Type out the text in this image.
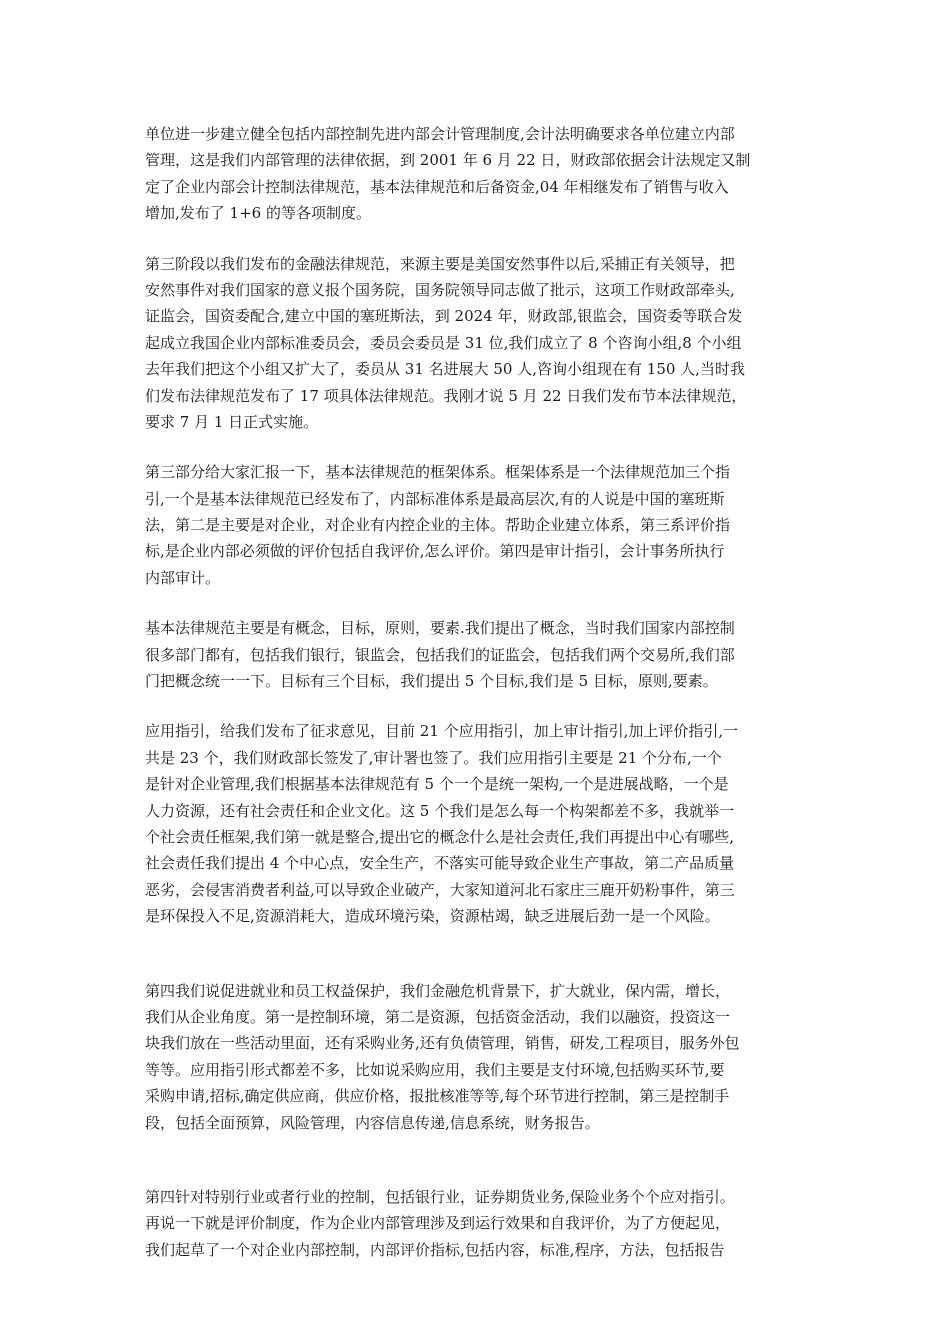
单位进一步建立健全包括内部控制先进内部会计管理制度,会计法明确要求各单位建立内部
管理，这是我们内部管理的法律依据，到 2001 年 6 月 22 日，财政部依据会计法规定又制
定了企业内部会计控制法律规范，基本法律规范和后备资金,04 年相继发布了销售与收入
增加,发布了 1+6 的等各项制度。
第三阶段以我们发布的金融法律规范，来源主要是美国安然事件以后,采捕正有关领导，把
安然事件对我们国家的意义报个国务院，国务院领导同志做了批示，这项工作财政部牵头,
证监会，国资委配合,建立中国的塞班斯法，到 2024 年，财政部,银监会，国资委等联合发
起成立我国企业内部标准委员会，委员会委员是 31 位,我们成立了 8 个咨询小组,8 个小组
去年我们把这个小组又扩大了，委员从 31 名进展大 50 人,咨询小组现在有 150 人,当时我
们发布法律规范发布了 17 项具体法律规范。我刚才说 5 月 22 日我们发布节本法律规范，
要求 7 月 1 日正式实施。
第三部分给大家汇报一下，基本法律规范的框架体系。框架体系是一个法律规范加三个指
引,一个是基本法律规范已经发布了，内部标准体系是最高层次,有的人说是中国的塞班斯
法，第二是主要是对企业，对企业有内控企业的主体。帮助企业建立体系，第三系评价指
标,是企业内部必须做的评价包括自我评价,怎么评价。第四是审计指引，会计事务所执行
内部审计。
基本法律规范主要是有概念，目标，原则，要素.我们提出了概念，当时我们国家内部控制
很多部门都有，包括我们银行，银监会，包括我们的证监会，包括我们两个交易所,我们部
门把概念统一一下。目标有三个目标，我们提出 5 个目标,我们是 5 目标，原则,要素。
应用指引，给我们发布了征求意见，目前 21 个应用指引，加上审计指引,加上评价指引,一
共是 23 个，我们财政部长签发了,审计署也签了。我们应用指引主要是 21 个分布,一个
是针对企业管理,我们根据基本法律规范有 5 个一个是统一架构,一个是进展战略，一个是
人力资源，还有社会责任和企业文化。这 5 个我们是怎么每一个构架都差不多，我就举一
个社会责任框架,我们第一就是整合,提出它的概念什么是社会责任,我们再提出中心有哪些,
社会责任我们提出 4 个中心点，安全生产，不落实可能导致企业生产事故，第二产品质量
恶劣，会侵害消费者利益,可以导致企业破产，大家知道河北石家庄三鹿开奶粉事件，第三
是环保投入不足,资源消耗大，造成环境污染，资源枯竭，缺乏进展后劲一是一个风险。
第四我们说促进就业和员工权益保护，我们金融危机背景下，扩大就业，保内需，增长，
我们从企业角度。第一是控制环境，第二是资源，包括资金活动，我们以融资，投资这一
块我们放在一些活动里面，还有采购业务,还有负债管理，销售，研发,工程项目，服务外包
等等。应用指引形式都差不多，比如说采购应用，我们主要是支付环境,包括购买环节,要
采购申请,招标,确定供应商，供应价格，报批核准等等,每个环节进行控制，第三是控制手
段，包括全面预算，风险管理，内容信息传递,信息系统，财务报告。
第四针对特别行业或者行业的控制，包括银行业，证券期货业务,保险业务个个应对指引。
再说一下就是评价制度，作为企业内部管理涉及到运行效果和自我评价，为了方便起见，
我们起草了一个对企业内部控制，内部评价指标,包括内容，标准,程序，方法，包括报告
